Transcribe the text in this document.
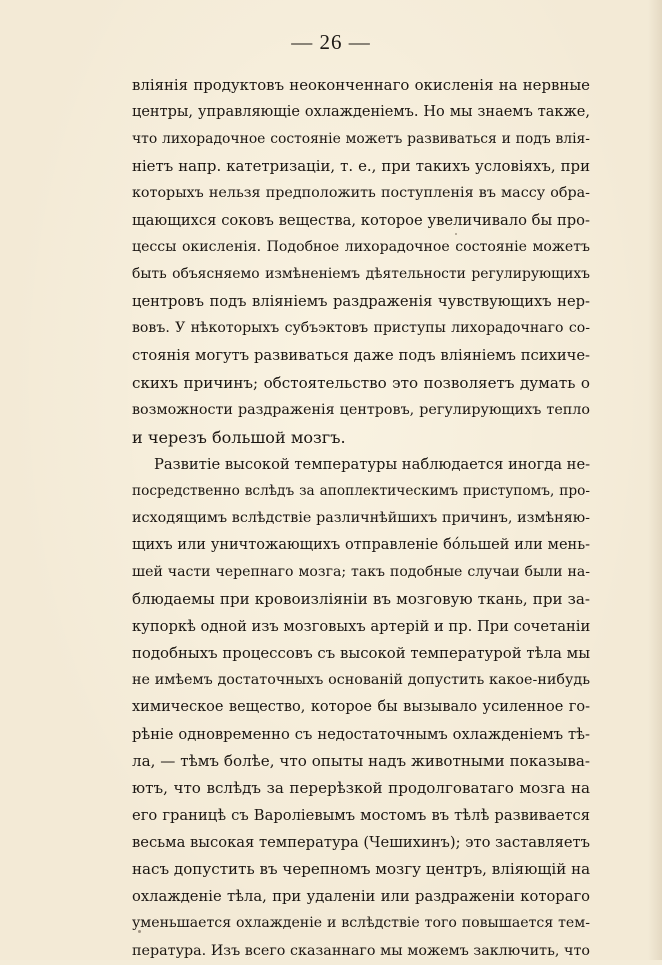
— 26 —
вліянія продуктовъ неоконченнаго окисленія на нервные
центры, управляющіе охлажденіемъ. Но мы знаемъ также,
что лихорадочное состояніе можетъ развиваться и подъ влія-
ніетъ напр. катетризаціи, т. е., при такихъ условіяхъ, при
которыхъ нельзя предположить поступленія въ массу обра-
щающихся соковъ вещества, которое увеличивало бы про-
цессы окисленія. Подобное лихорадочное состояніе можетъ
быть объясняемо измѣненіемъ дѣятельности регулирующихъ
центровъ подъ вліяніемъ раздраженія чувствующихъ нер-
вовъ. У нѣкоторыхъ субъэктовъ приступы лихорадочнаго со-
стоянія могутъ развиваться даже подъ вліяніемъ психиче-
скихъ причинъ; обстоятельство это позволяетъ думать о
возможности раздраженія центровъ, регулирующихъ тепло
и черезъ большой мозгъ.
Развитіе высокой температуры наблюдается иногда не-
посредственно вслѣдъ за апоплектическимъ приступомъ, про-
исходящимъ вслѣдствіе различнѣйшихъ причинъ, измѣняю-
щихъ или уничтожающихъ отправленіе бóльшей или мень-
шей части черепнаго мозга; такъ подобные случаи были на-
блюдаемы при кровоизліяніи въ мозговую ткань, при за-
купоркѣ одной изъ мозговыхъ артерій и пр. При сочетаніи
подобныхъ процессовъ съ высокой температурой тѣла мы
не имѣемъ достаточныхъ основаній допустить какое-нибудь
химическое вещество, которое бы вызывало усиленное го-
рѣніе одновременно съ недостаточнымъ охлажденіемъ тѣ-
ла, — тѣмъ болѣе, что опыты надъ животными показыва-
ютъ, что вслѣдъ за перерѣзкой продолговатаго мозга на
его границѣ съ Варолiевымъ мостомъ въ тѣлѣ развивается
весьма высокая температура (Чешихинъ); это заставляетъ
насъ допустить въ черепномъ мозгу центръ, вліяющій на
охлажденіе тѣла, при удаленіи или раздраженіи котораго
уменьшается охлажденіе и вслѣдствіе того повышается тем-
пература. Изъ всего сказаннаго мы можемъ заключить, что
